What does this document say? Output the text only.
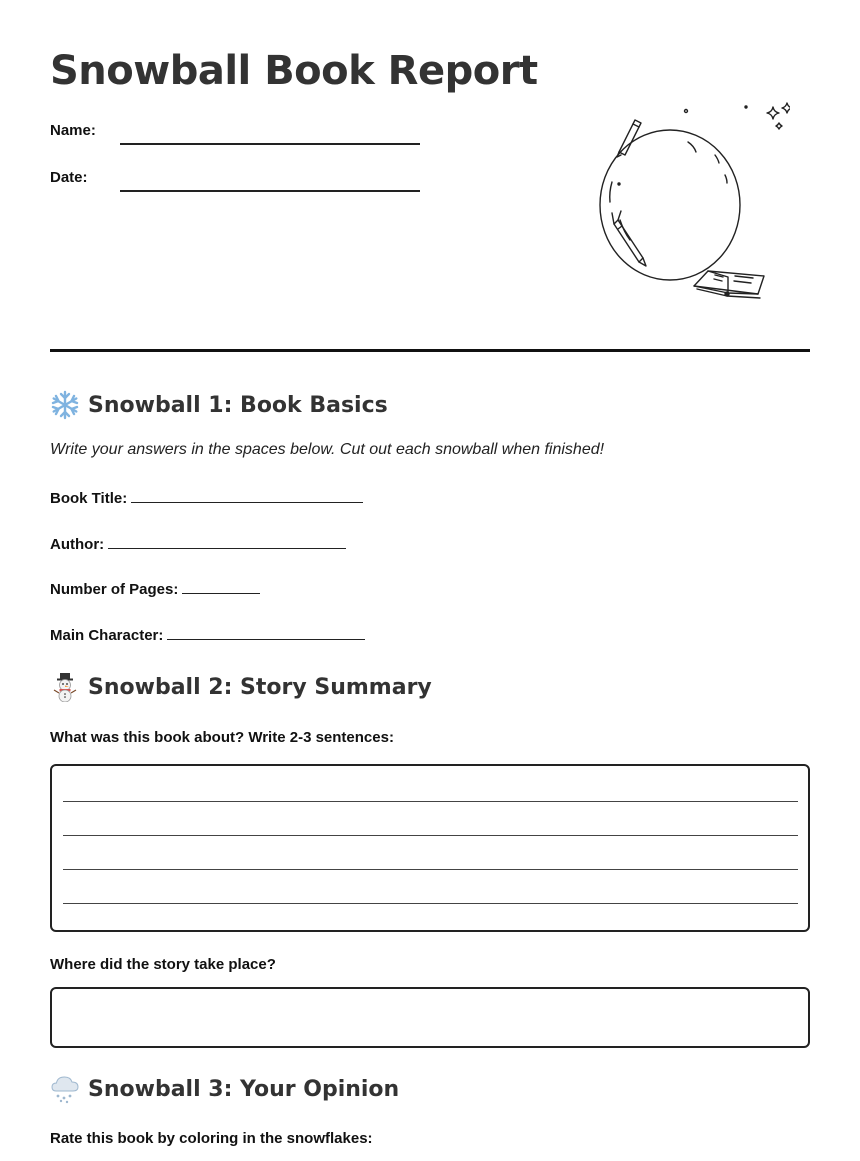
Snowball Book Report
Name:
Date:
Snowball 1: Book Basics

Write your answers in the spaces below. Cut out each snowball when finished!

Book Title:
Author:
Number of Pages:
Main Character:
Snowball 2: Story Summary

What was this book about? Write 2-3 sentences:

Where did the story take place?

Snowball 3: Your Opinion

Rate this book by coloring in the snowflakes:
